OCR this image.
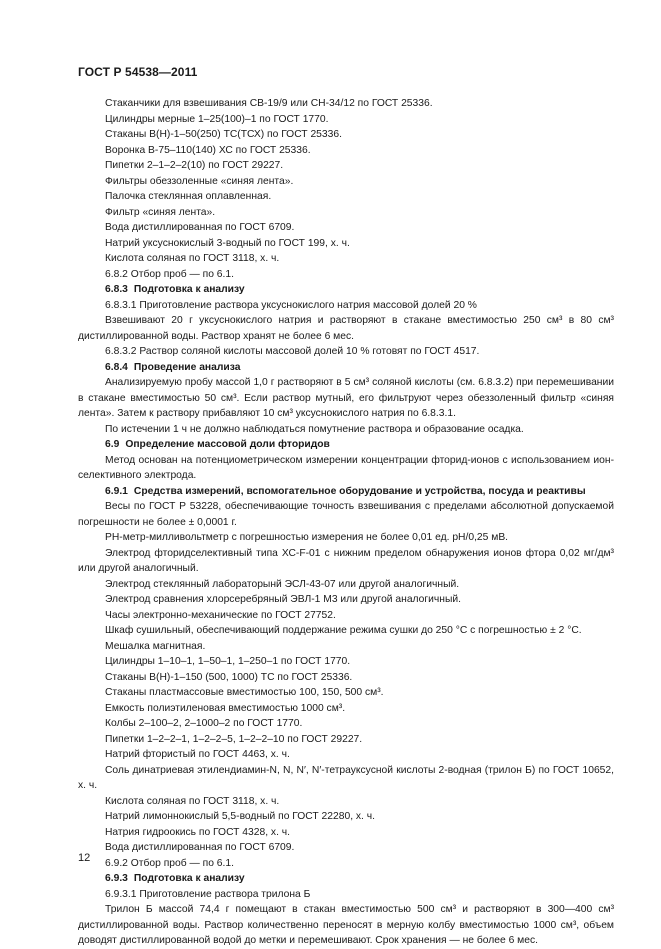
ГОСТ Р 54538—2011

Стаканчики для взвешивания СВ-19/9 или СН-34/12 по ГОСТ 25336.

Цилиндры мерные 1–25(100)–1 по ГОСТ 1770.

Стаканы В(Н)-1–50(250) ТС(ТСХ) по ГОСТ 25336.

Воронка В-75–110(140) ХС по ГОСТ 25336.

Пипетки 2–1–2–2(10) по ГОСТ 29227.

Фильтры обеззоленные «синяя лента».

Палочка стеклянная оплавленная.

Фильтр «синяя лента».

Вода дистиллированная по ГОСТ 6709.

Натрий уксуснокислый 3-водный по ГОСТ 199, х. ч.

Кислота соляная по ГОСТ 3118, х. ч.

6.8.2 Отбор проб — по 6.1.

6.8.3 Подготовка к анализу

6.8.3.1 Приготовление раствора уксуснокислого натрия массовой долей 20 %

Взвешивают 20 г уксуснокислого натрия и растворяют в стакане вместимостью 250 см³ в 80 см³ дистиллированной воды. Раствор хранят не более 6 мес.

6.8.3.2 Раствор соляной кислоты массовой долей 10 % готовят по ГОСТ 4517.

6.8.4 Проведение анализа

Анализируемую пробу массой 1,0 г растворяют в 5 см³ соляной кислоты (см. 6.8.3.2) при перемешивании в стакане вместимостью 50 см³. Если раствор мутный, его фильтруют через обеззоленный фильтр «синяя лента». Затем к раствору прибавляют 10 см³ уксуснокислого натрия по 6.8.3.1.

По истечении 1 ч не должно наблюдаться помутнение раствора и образование осадка.

6.9 Определение массовой доли фторидов

Метод основан на потенциометрическом измерении концентрации фторид-ионов с использованием ион-селективного электрода.

6.9.1 Средства измерений, вспомогательное оборудование и устройства, посуда и реактивы

Весы по ГОСТ Р 53228, обеспечивающие точность взвешивания с пределами абсолютной допускаемой погрешности не более ± 0,0001 г.

РН-метр-милливольтметр с погрешностью измерения не более 0,01 ед. рН/0,25 мВ.

Электрод фторидселективный типа ХС-F-01 с нижним пределом обнаружения ионов фтора 0,02 мг/дм³ или другой аналогичный.

Электрод стеклянный лабораторынй ЭСЛ-43-07 или другой аналогичный.

Электрод сравнения хлорсеребряный ЭВЛ-1 М3 или другой аналогичный.

Часы электронно-механические по ГОСТ 27752.

Шкаф сушильный, обеспечивающий поддержание режима сушки до 250 °С с погрешностью ± 2 °С.

Мешалка магнитная.

Цилиндры 1–10–1, 1–50–1, 1–250–1 по ГОСТ 1770.

Стаканы В(Н)-1–150 (500, 1000) ТС по ГОСТ 25336.

Стаканы пластмассовые вместимостью 100, 150, 500 см³.

Емкость полиэтиленовая вместимостью 1000 см³.

Колбы 2–100–2, 2–1000–2 по ГОСТ 1770.

Пипетки 1–2–2–1, 1–2–2–5, 1–2–2–10 по ГОСТ 29227.

Натрий фтористый по ГОСТ 4463, х. ч.

Соль динатриевая этилендиамин-N, N, N′, N′-тетрауксусной кислоты 2-водная (трилон Б) по ГОСТ 10652, х. ч.

Кислота соляная по ГОСТ 3118, х. ч.

Натрий лимоннокислый 5,5-водный по ГОСТ 22280, х. ч.

Натрия гидроокись по ГОСТ 4328, х. ч.

Вода дистиллированная по ГОСТ 6709.

6.9.2 Отбор проб — по 6.1.

6.9.3 Подготовка к анализу

6.9.3.1 Приготовление раствора трилона Б

Трилон Б массой 74,4 г помещают в стакан вместимостью 500 см³ и растворяют в 300—400 см³ дистиллированной воды. Раствор количественно переносят в мерную колбу вместимостью 1000 см³, объем доводят дистиллированной водой до метки и перемешивают. Срок хранения — не более 6 мес.

12
